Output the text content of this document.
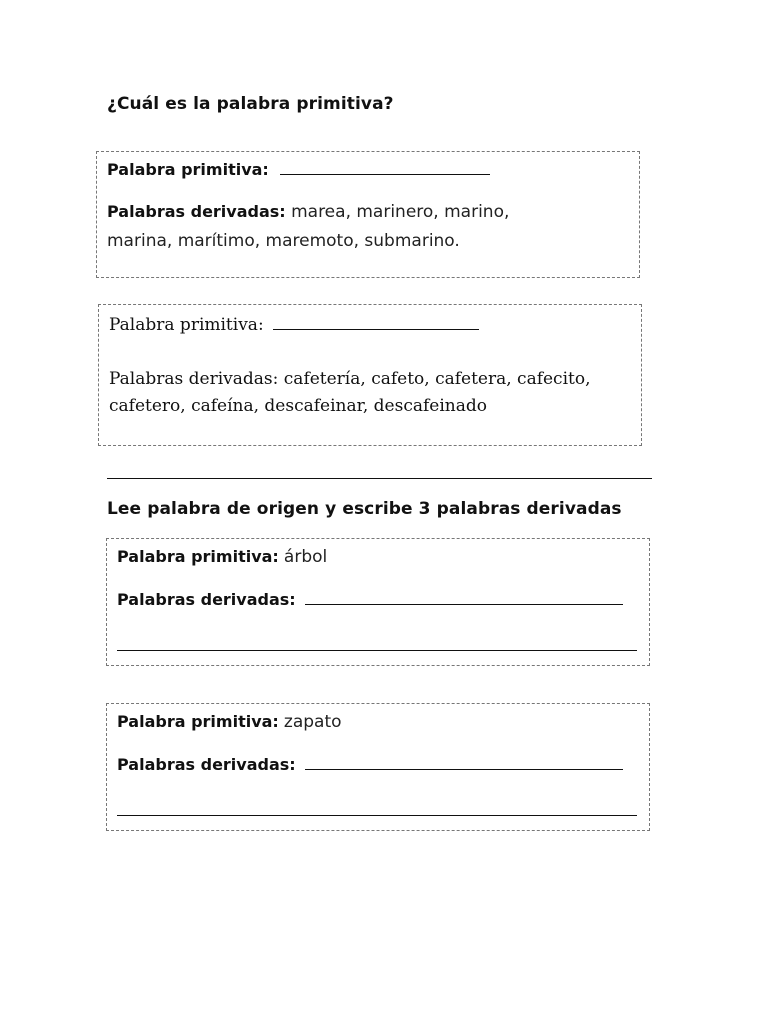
¿Cuál es la palabra primitiva?
Palabra primitiva:
Palabras derivadas: marea, marinero, marino,
marina, marítimo, maremoto, submarino.
Palabra primitiva:
Palabras derivadas: cafetería, cafeto, cafetera, cafecito,
cafetero, cafeína, descafeinar, descafeinado
Lee palabra de origen y escribe 3 palabras derivadas
Palabra primitiva: árbol
Palabras derivadas:
Palabra primitiva: zapato
Palabras derivadas:
